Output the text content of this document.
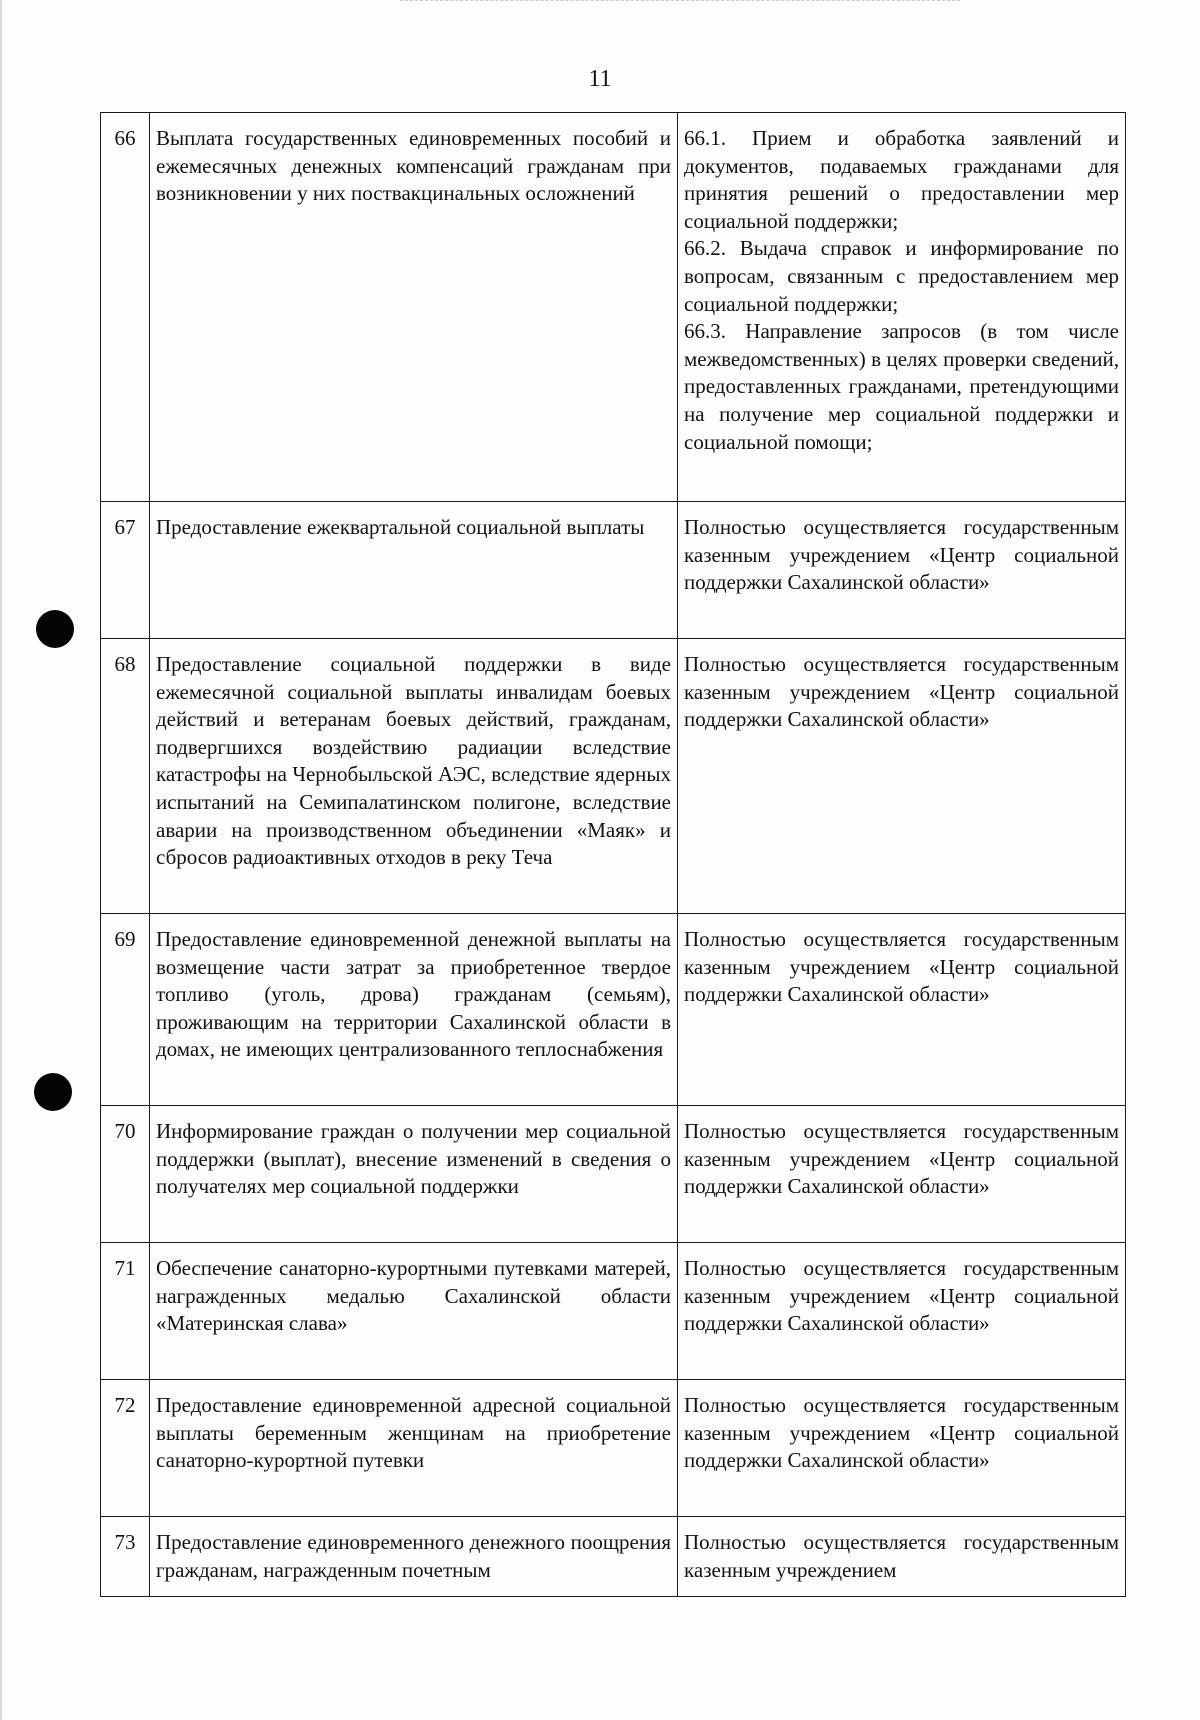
11
66	Выплата государственных единовременных пособий и ежемесячных денежных компенсаций гражданам при возникновении у них поствакцинальных осложнений	66.1. Прием и обработка заявлений и документов, подаваемых гражданами для принятия решений о предоставлении мер социальной поддержки;
66.2. Выдача справок и информирование по вопросам, связанным с предоставлением мер социальной поддержки;
66.3. Направление запросов (в том числе межведомственных) в целях проверки сведений, предоставленных гражданами, претендующими на получение мер социальной поддержки и социальной помощи;

67	Предоставление ежеквартальной социальной выплаты	Полностью осуществляется государственным казенным учреждением «Центр социальной поддержки Сахалинской области»
68	Предоставление социальной поддержки в виде ежемесячной социальной выплаты инвалидам боевых действий и ветеранам боевых действий, гражданам, подвергшихся воздействию радиации вследствие катастрофы на Чернобыльской АЭС, вследствие ядерных испытаний на Семипалатинском полигоне, вследствие аварии на производственном объединении «Маяк» и сбросов радиоактивных отходов в реку Теча	Полностью осуществляется государственным казенным учреждением «Центр социальной поддержки Сахалинской области»
69	Предоставление единовременной денежной выплаты на возмещение части затрат за приобретенное твердое топливо (уголь, дрова) гражданам (семьям), проживающим на территории Сахалинской области в домах, не имеющих централизованного теплоснабжения	Полностью осуществляется государственным казенным учреждением «Центр социальной поддержки Сахалинской области»
70	Информирование граждан о получении мер социальной поддержки (выплат), внесение изменений в сведения о получателях мер социальной поддержки	Полностью осуществляется государственным казенным учреждением «Центр социальной поддержки Сахалинской области»
71	Обеспечение санаторно-курортными путевками матерей, награжденных медалью Сахалинской области «Материнская слава»	Полностью осуществляется государственным казенным учреждением «Центр социальной поддержки Сахалинской области»
72	Предоставление единовременной адресной социальной выплаты беременным женщинам на приобретение санаторно-курортной путевки	Полностью осуществляется государственным казенным учреждением «Центр социальной поддержки Сахалинской области»
73	Предоставление единовременного денежного поощрения гражданам, награжденным почетным	Полностью осуществляется государственным казенным учреждением
